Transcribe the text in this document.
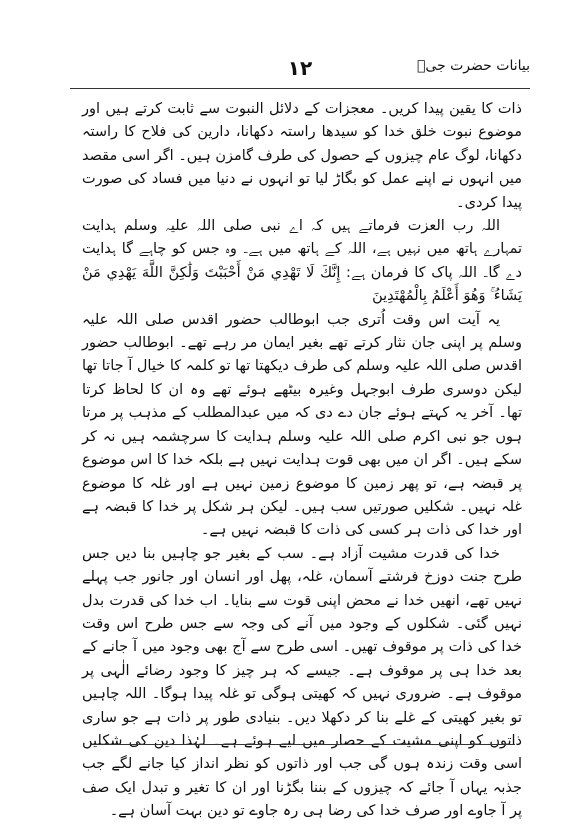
۱۲	بیانات حضرت جیؒ

ذات کا یقین پیدا کریں۔ معجزات کے دلائل النبوت سے ثابت کرتے ہیں اور موضوع نبوت خلق خدا کو سیدھا راستہ دکھانا، دارین کی فلاح کا راستہ دکھانا، لوگ عام چیزوں کے حصول کی طرف گامزن ہیں۔ اگر اسی مقصد میں انہوں نے اپنے عمل کو بگاڑ لیا تو انہوں نے دنیا میں فساد کی صورت پیدا کردی۔

اللہ رب العزت فرماتے ہیں کہ اے نبی صلی اللہ علیہ وسلم ہدایت تمہارے ہاتھ میں نہیں ہے، اللہ کے ہاتھ میں ہے۔ وہ جس کو چاہے گا ہدایت دے گا۔ اللہ پاک کا فرمان ہے: إِنَّكَ لَا تَهْدِي مَنْ أَحْبَبْتَ وَلَٰكِنَّ اللَّهَ يَهْدِي مَنْ يَشَاءُ ۚ وَهُوَ أَعْلَمُ بِالْمُهْتَدِينَ

یہ آیت اس وقت اُتری جب ابوطالب حضور اقدس صلی اللہ علیہ وسلم پر اپنی جان نثار کرتے تھے بغیر ایمان مر رہے تھے۔ ابوطالب حضور اقدس صلی اللہ علیہ وسلم کی طرف دیکھتا تھا تو کلمہ کا خیال آ جاتا تھا لیکن دوسری طرف ابوجہل وغیرہ بیٹھے ہوئے تھے وہ ان کا لحاظ کرتا تھا۔ آخر یہ کہتے ہوئے جان دے دی کہ میں عبدالمطلب کے مذہب پر مرتا ہوں جو نبی اکرم صلی اللہ علیہ وسلم ہدایت کا سرچشمہ ہیں نہ کر سکے ہیں۔ اگر ان میں بھی قوت ہدایت نہیں ہے بلکہ خدا کا اس موضوع پر قبضہ ہے، تو پھر زمین کا موضوع زمین نہیں ہے اور غلہ کا موضوع غلہ نہیں۔ شکلیں صورتیں سب ہیں۔ لیکن ہر شکل پر خدا کا قبضہ ہے اور خدا کی ذات ہر کسی کی ذات کا قبضہ نہیں ہے۔

خدا کی قدرت مشیت آزاد ہے۔ سب کے بغیر جو چاہیں بنا دیں جس طرح جنت دوزخ فرشتے آسمان، غلہ، پھل اور انسان اور جانور جب پہلے نہیں تھے، انھیں خدا نے محض اپنی قوت سے بنایا۔ اب خدا کی قدرت بدل نہیں گئی۔ شکلوں کے وجود میں آنے کی وجہ سے جس طرح اس وقت خدا کی ذات پر موقوف تھیں۔ اسی طرح سے آج بھی وجود میں آ جانے کے بعد خدا ہی پر موقوف ہے۔ جیسے کہ ہر چیز کا وجود رضائے الٰہی پر موقوف ہے۔ ضروری نہیں کہ کھیتی ہوگی تو غلہ پیدا ہوگا۔ اللہ چاہیں تو بغیر کھیتی کے غلے بنا کر دکھلا دیں۔ بنیادی طور پر ذات ہے جو ساری ذاتوں کو اپنی مشیت کے حصار میں لیے ہوئے ہے۔ لہٰذا دین کی شکلیں اسی وقت زندہ ہوں گی جب اور ذاتوں کو نظر انداز کیا جانے لگے جب جذبہ یہاں آ جائے کہ چیزوں کے بننا بگڑنا اور ان کا تغیر و تبدل ایک صف پر آ جاوے اور صرف خدا کی رضا ہی رہ جاوے تو دین بہت آسان ہے۔
